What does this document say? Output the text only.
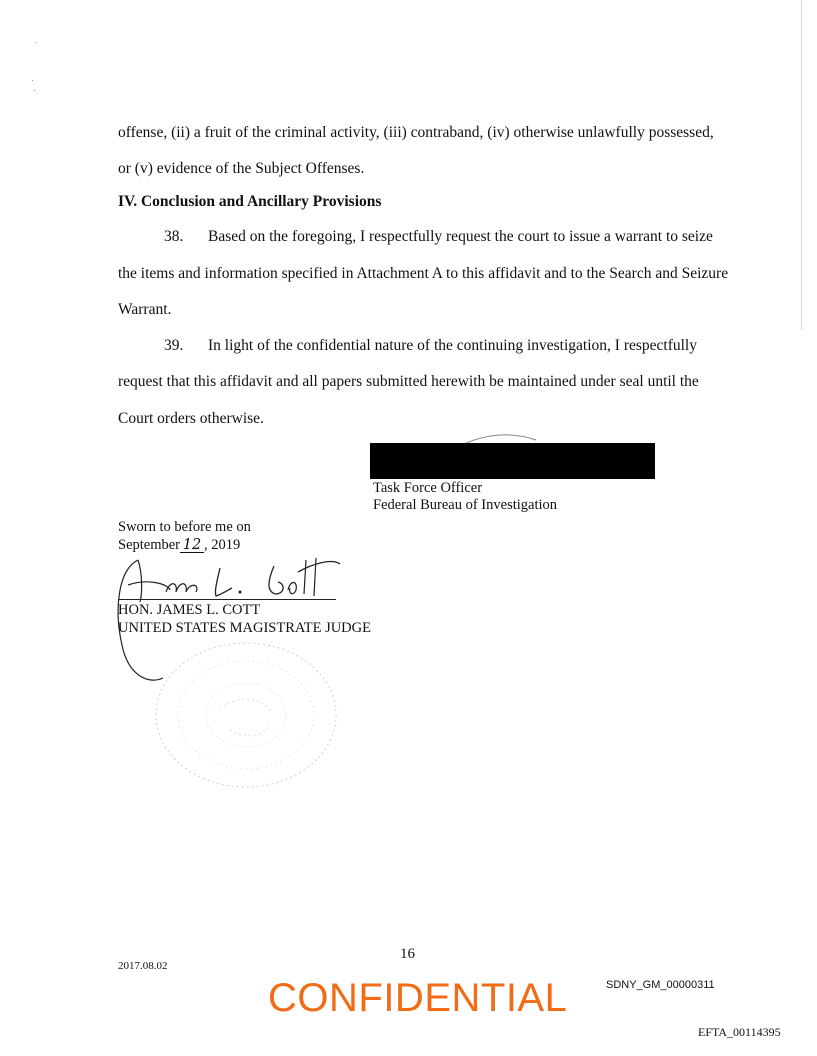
offense, (ii) a fruit of the criminal activity, (iii) contraband, (iv) otherwise unlawfully possessed,
or (v) evidence of the Subject Offenses.
IV. Conclusion and Ancillary Provisions
38. Based on the foregoing, I respectfully request the court to issue a warrant to seize
the items and information specified in Attachment A to this affidavit and to the Search and Seizure
Warrant.
39. In light of the confidential nature of the continuing investigation, I respectfully
request that this affidavit and all papers submitted herewith be maintained under seal until the
Court orders otherwise.
Task Force Officer
Federal Bureau of Investigation
Sworn to before me on
September 12 , 2019
HON. JAMES L. COTT
UNITED STATES MAGISTRATE JUDGE
16
2017.08.02
CONFIDENTIAL	SDNY_GM_00000311
EFTA_00114395
